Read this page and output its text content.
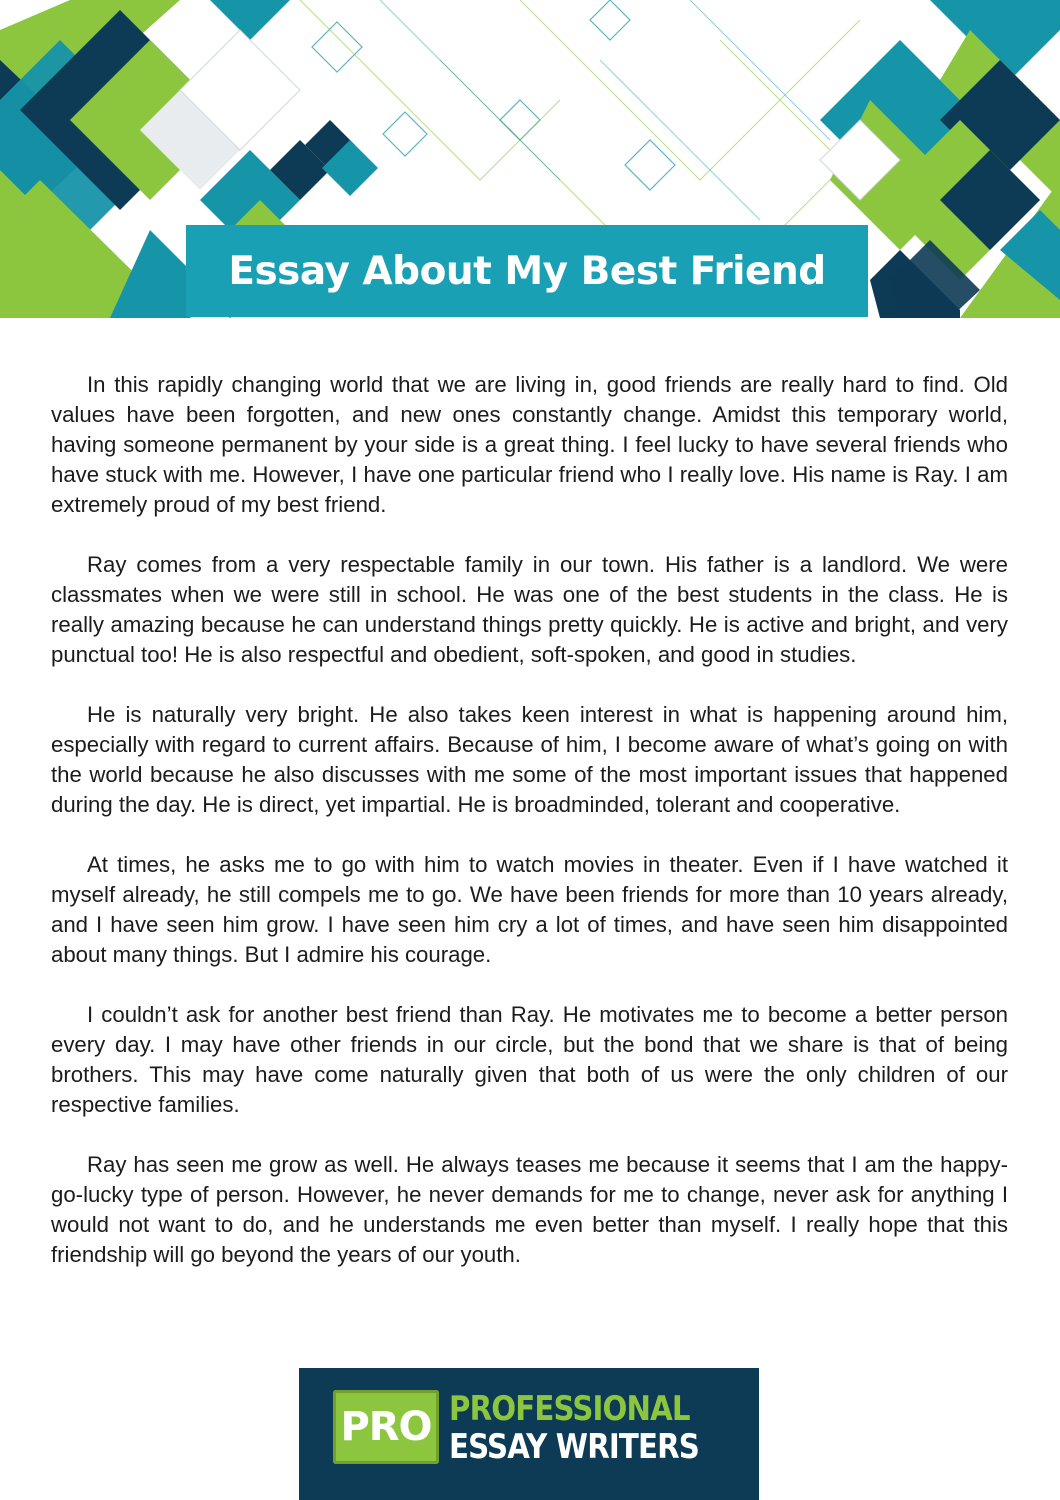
Essay About My Best Friend

In this rapidly changing world that we are living in, good friends are really hard to find. Old values have been forgotten, and new ones constantly change. Amidst this temporary world, having someone permanent by your side is a great thing. I feel lucky to have several friends who have stuck with me. However, I have one particular friend who I really love. His name is Ray. I am extremely proud of my best friend.

Ray comes from a very respectable family in our town. His father is a landlord. We were classmates when we were still in school. He was one of the best students in the class. He is really amazing because he can understand things pretty quickly. He is active and bright, and very punctual too! He is also respectful and obedient, soft-spoken, and good in studies.

He is naturally very bright. He also takes keen interest in what is happening around him, especially with regard to current affairs. Because of him, I become aware of what’s going on with the world because he also discusses with me some of the most important issues that happened during the day. He is direct, yet impartial. He is broadminded, tolerant and cooperative.

At times, he asks me to go with him to watch movies in theater. Even if I have watched it myself already, he still compels me to go. We have been friends for more than 10 years already, and I have seen him grow. I have seen him cry a lot of times, and have seen him disappointed about many things. But I admire his courage.

I couldn’t ask for another best friend than Ray. He motivates me to become a better person every day. I may have other friends in our circle, but the bond that we share is that of being brothers. This may have come naturally given that both of us were the only children of our respective families.

Ray has seen me grow as well. He always teases me because it seems that I am the happy-go-lucky type of person. However, he never demands for me to change, never ask for anything I would not want to do, and he understands me even better than myself. I really hope that this friendship will go beyond the years of our youth.

PRO PROFESSIONAL
ESSAY WRITERS
